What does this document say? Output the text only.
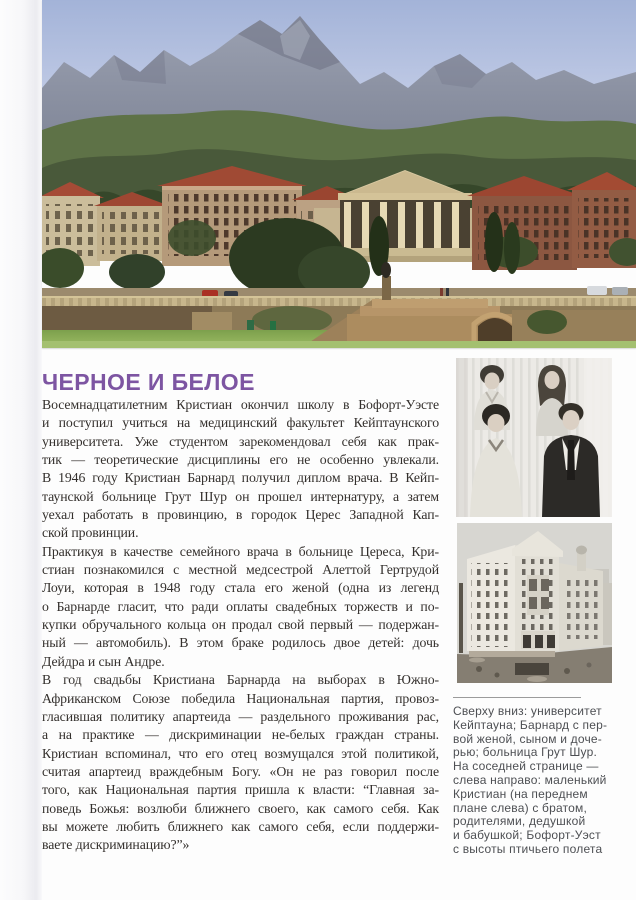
ЧЕРНОЕ И БЕЛОЕ
Восемнадцатилетним Кристиан окончил школу в Бофорт-Уэсте
и поступил учиться на медицинский факультет Кейптаунского
университета. Уже студентом зарекомендовал себя как прак-
тик — теоретические дисциплины его не особенно увлекали.
В 1946 году Кристиан Барнард получил диплом врача. В Кейп-
таунской больнице Грут Шур он прошел интернатуру, а затем
уехал работать в провинцию, в городок Церес Западной Кап-
ской провинции.
Практикуя в качестве семейного врача в больнице Цереса, Кри-
стиан познакомился с местной медсестрой Алеттой Гертрудой
Лоуи, которая в 1948 году стала его женой (одна из легенд
о Барнарде гласит, что ради оплаты свадебных торжеств и по-
купки обручального кольца он продал свой первый — подержан-
ный — автомобиль). В этом браке родилось двое детей: дочь
Дейдра и сын Андре.
В год свадьбы Кристиана Барнарда на выборах в Южно-
Африканском Союзе победила Национальная партия, провоз-
гласившая политику апартеида — раздельного проживания рас,
а на практике — дискриминации не-белых граждан страны.
Кристиан вспоминал, что его отец возмущался этой политикой,
считая апартеид враждебным Богу. «Он не раз говорил после
того, как Национальная партия пришла к власти: “Главная за-
поведь Божья: возлюби ближнего своего, как самого себя. Как
вы можете любить ближнего как самого себя, если поддержи-
ваете дискриминацию?”»
Сверху вниз: университет
Кейптауна; Барнард с пер-
вой женой, сыном и доче-
рью; больница Грут Шур.
На соседней странице —
слева направо: маленький
Кристиан (на переднем
плане слева) с братом,
родителями, дедушкой
и бабушкой; Бофорт-Уэст
с высоты птичьего полета
